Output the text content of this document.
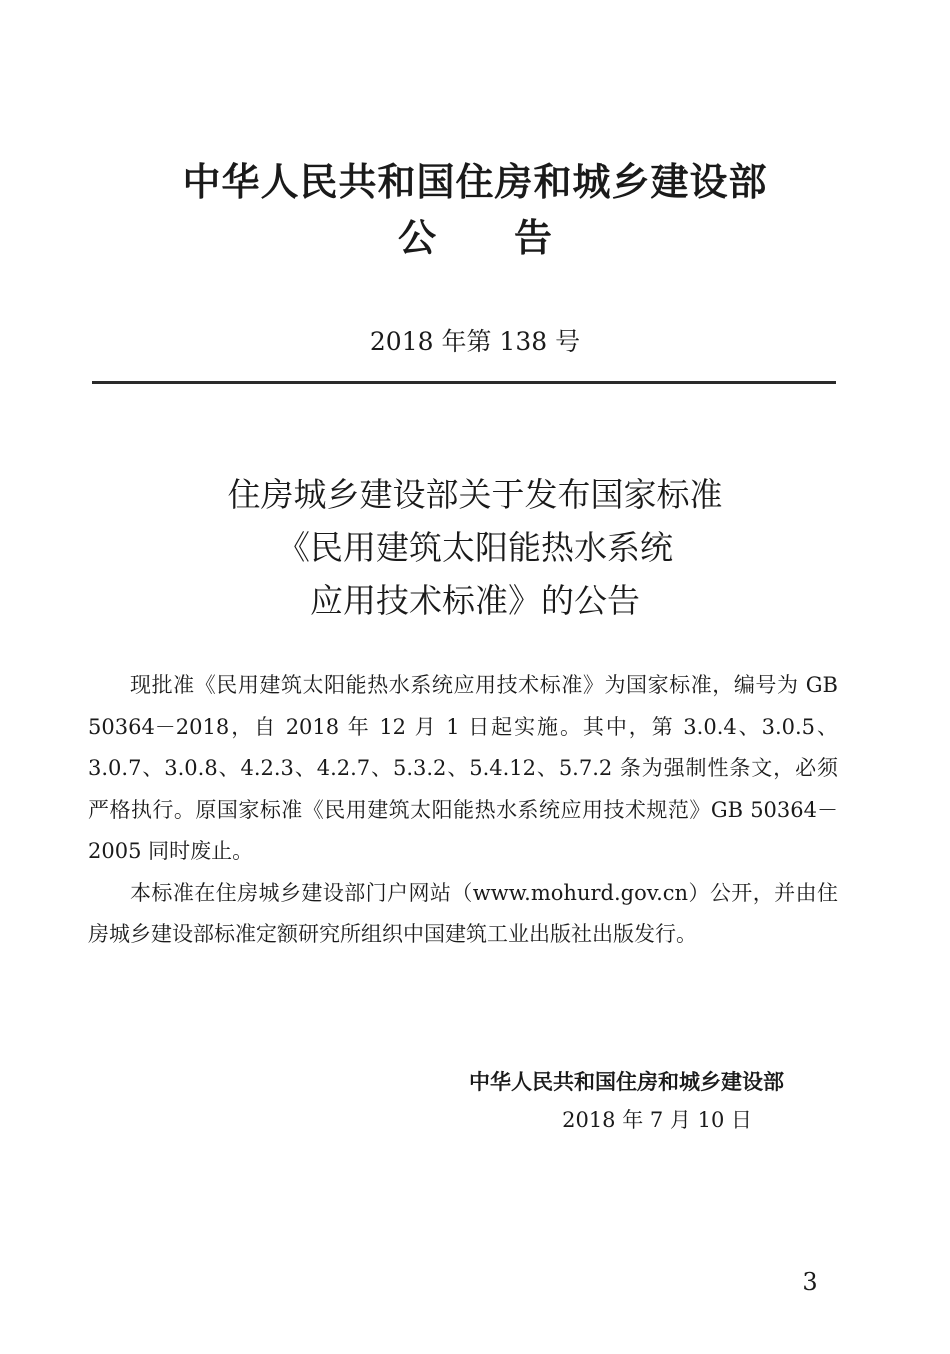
中华人民共和国住房和城乡建设部
公告
2018 年第 138 号
住房城乡建设部关于发布国家标准
《民用建筑太阳能热水系统
应用技术标准》的公告

现批准《民用建筑太阳能热水系统应用技术标准》为国家标准，编号为 GB 50364－2018，自 2018 年 12 月 1 日起实施。其中，第 3.0.4、3.0.5、3.0.7、3.0.8、4.2.3、4.2.7、5.3.2、5.4.12、5.7.2 条为强制性条文，必须严格执行。原国家标准《民用建筑太阳能热水系统应用技术规范》GB 50364－2005 同时废止。

本标准在住房城乡建设部门户网站（www.mohurd.gov.cn）公开，并由住房城乡建设部标准定额研究所组织中国建筑工业出版社出版发行。

中华人民共和国住房和城乡建设部
2018 年 7 月 10 日
3
